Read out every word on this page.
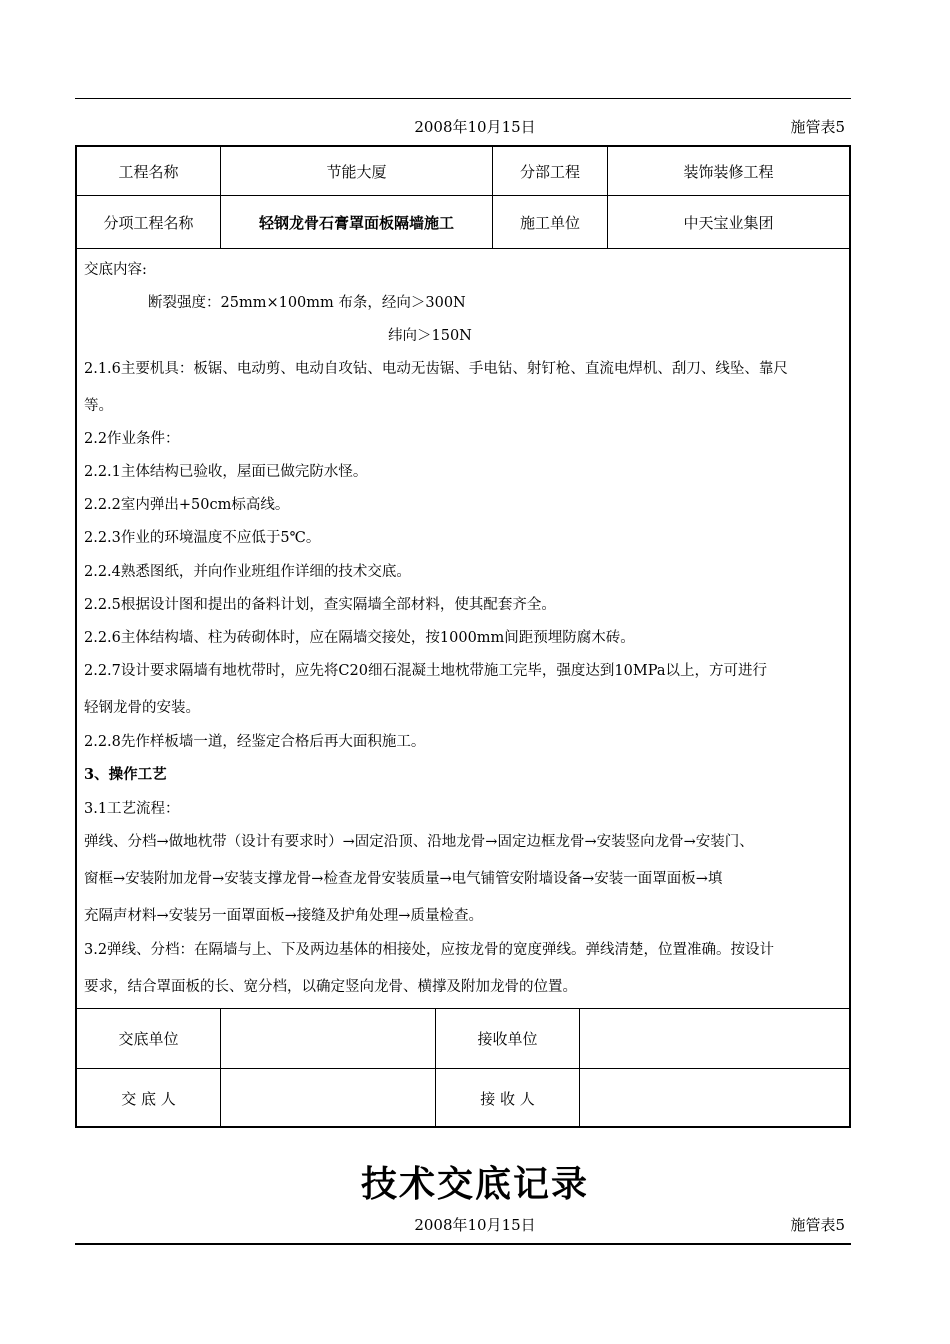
2008年10月15日	施管表5
工程名称	节能大厦	分部工程	装饰装修工程
分项工程名称	轻钢龙骨石膏罩面板隔墙施工	施工单位	中天宝业集团
交底单位	接收单位
交 底 人	接 收 人
交底内容:
断裂强度：25mm×100mm 布条，经向＞300N
纬向＞150N
2.1.6主要机具：板锯、电动剪、电动自攻钻、电动无齿锯、手电钻、射钉枪、直流电焊机、刮刀、线坠、靠尺
等。
2.2作业条件：
2.2.1主体结构已验收，屋面已做完防水怪。
2.2.2室内弹出+50cm标高线。
2.2.3作业的环境温度不应低于5℃。
2.2.4熟悉图纸，并向作业班组作详细的技术交底。
2.2.5根据设计图和提出的备料计划，查实隔墙全部材料，使其配套齐全。
2.2.6主体结构墙、柱为砖砌体时，应在隔墙交接处，按1000mm间距预埋防腐木砖。
2.2.7设计要求隔墙有地枕带时，应先将C20细石混凝土地枕带施工完毕，强度达到10MPa以上，方可进行
轻钢龙骨的安装。
2.2.8先作样板墙一道，经鉴定合格后再大面积施工。
3、操作工艺
3.1工艺流程：
弹线、分档→做地枕带（设计有要求时）→固定沿顶、沿地龙骨→固定边框龙骨→安装竖向龙骨→安装门、
窗框→安装附加龙骨→安装支撑龙骨→检查龙骨安装质量→电气铺管安附墙设备→安装一面罩面板→填
充隔声材料→安装另一面罩面板→接缝及护角处理→质量检查。
3.2弹线、分档：在隔墙与上、下及两边基体的相接处，应按龙骨的宽度弹线。弹线清楚，位置准确。按设计
要求，结合罩面板的长、宽分档，以确定竖向龙骨、横撑及附加龙骨的位置。
技术交底记录
2008年10月15日	施管表5
